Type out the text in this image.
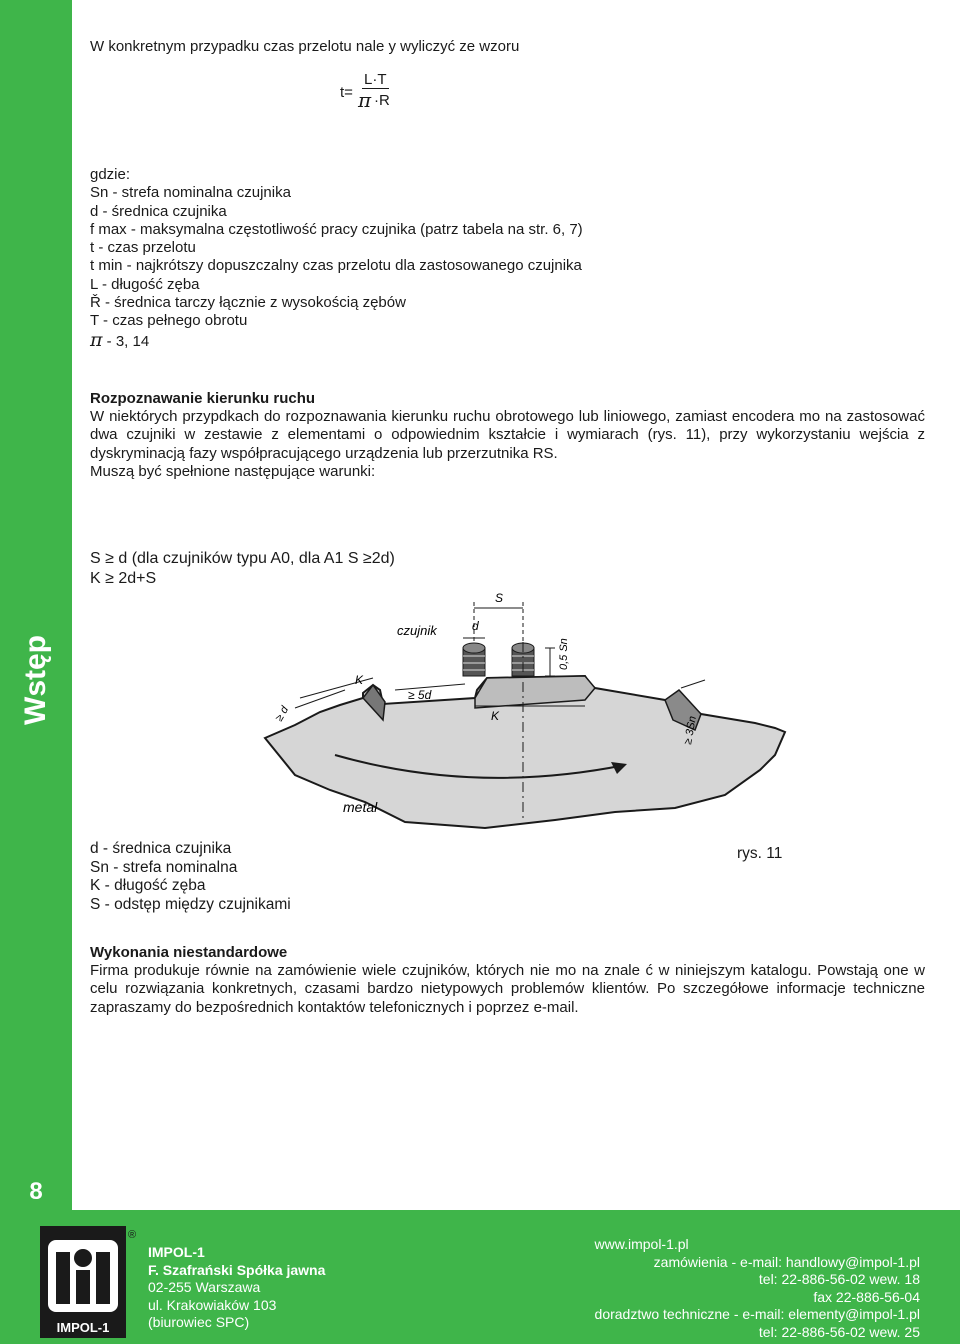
Wstęp
8

W konkretnym przypadku czas przelotu nale y wyliczyć ze wzoru

t=
L·T
π ·R
gdzie:
Sn - strefa nominalna czujnika
d - średnica czujnika
f max - maksymalna częstotliwość pracy czujnika (patrz tabela na str. 6, 7)
t - czas przelotu
t min - najkrótszy dopuszczalny czas przelotu dla zastosowanego czujnika
L - długość zęba
Ř - średnica tarczy łącznie z wysokością zębów
T - czas pełnego obrotu
π - 3, 14
Rozpoznawanie kierunku ruchu
W niektórych przypdkach do rozpoznawania kierunku ruchu obrotowego lub liniowego, zamiast encodera mo na zastosować dwa czujniki w zestawie z elementami o odpowiednim kształcie i wymiarach (rys. 11), przy wykorzystaniu wejścia z dyskryminacją fazy współpracującego urządzenia lub przerzutnika RS.
Muszą być spełnione następujące warunki:
S ≥ d (dla czujników typu A0, dla A1 S ≥2d)
K ≥ 2d+S
S
czujnik	d
K
≥ 5d
K
0,5 Sn
≥ d
≥ 3Sn
metal
d - średnica czujnika
Sn - strefa nominalna
K - długość zęba
S - odstęp między czujnikami
rys. 11
Wykonania niestandardowe
Firma produkuje równie na zamówienie wiele czujników, których nie mo na znale ć w niniejszym katalogu. Powstają one w celu rozwiązania konkretnych, czasami bardzo nietypowych problemów klientów. Po szczegółowe informacje techniczne zapraszamy do bezpośrednich kontaktów telefonicznych i poprzez e-mail.
IMPOL-1
®
IMPOL-1
F. Szafrański Spółka jawna
02-255 Warszawa
ul. Krakowiaków 103
(biurowiec SPC)
www.impol-1.pl
zamówienia - e-mail: handlowy@impol-1.pl
tel: 22-886-56-02 wew. 18
fax 22-886-56-04
doradztwo techniczne - e-mail: elementy@impol-1.pl
tel: 22-886-56-02 wew. 25
